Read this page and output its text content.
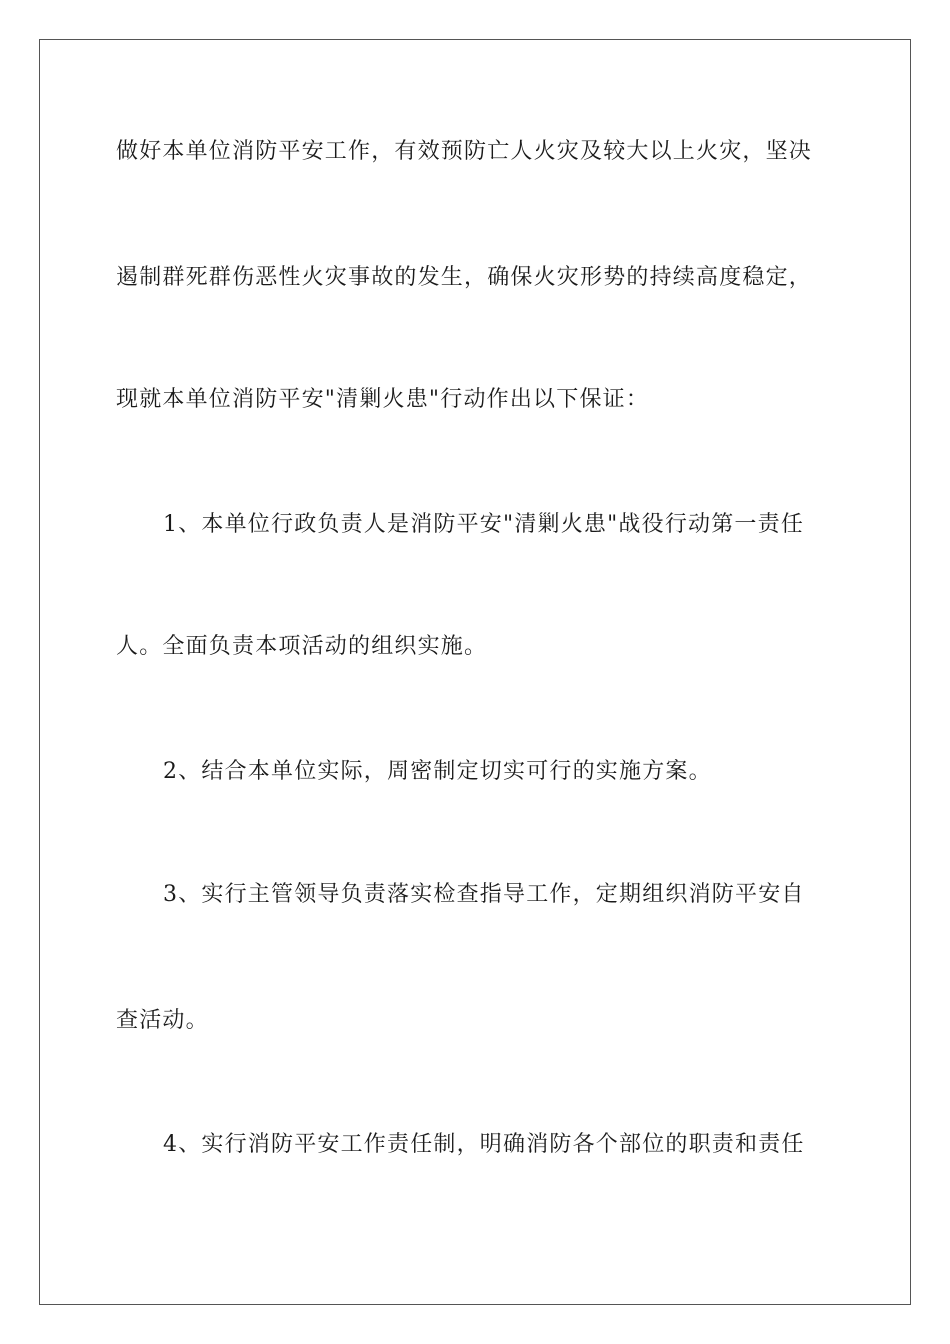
做好本单位消防平安工作，有效预防亡人火灾及较大以上火灾，坚决
遏制群死群伤恶性火灾事故的发生，确保火灾形势的持续高度稳定，
现就本单位消防平安"清剿火患"行动作出以下保证：
1、本单位行政负责人是消防平安"清剿火患"战役行动第一责任
人。全面负责本项活动的组织实施。
2、结合本单位实际，周密制定切实可行的实施方案。
3、实行主管领导负责落实检查指导工作，定期组织消防平安自
查活动。
4、实行消防平安工作责任制，明确消防各个部位的职责和责任
